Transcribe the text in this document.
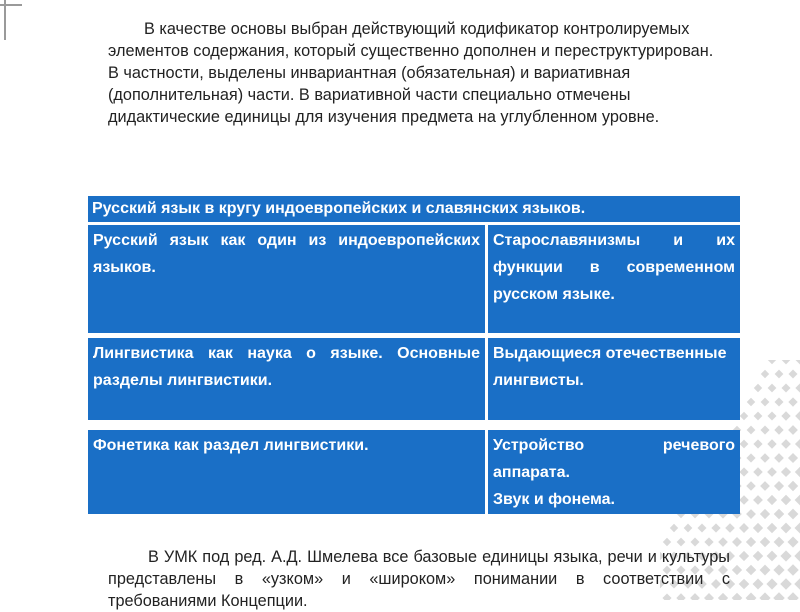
В качестве основы выбран действующий кодификатор контролируемых элементов содержания, который существенно дополнен и переструктурирован. В частности, выделены инвариантная (обязательная) и вариативная (дополнительная) части. В вариативной части специально отмечены дидактические единицы для изучения предмета на углубленном уровне.

Русский язык в кругу индоевропейских и славянских языков.
Русский язык как один из индоевропейских языков.
Старославянизмы и их функции в современном русском языке.
Лингвистика как наука о языке. Основные разделы лингвистики.
Выдающиеся отечественные лингвисты.
Фонетика как раздел лингвистики.	Устройство речевого аппарата.
Звук и фонема.

В УМК под ред. А.Д. Шмелева все базовые единицы языка, речи и культуры представлены в «узком» и «широком» понимании в соответствии с требованиями Концепции.
